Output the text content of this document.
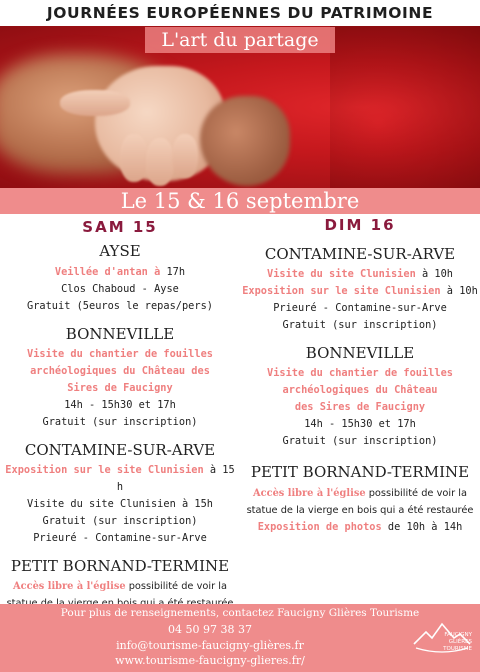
JOURNÉES EUROPÉENNES DU PATRIMOINE
L'art du partage
Le 15 & 16 septembre
SAM 15
AYSE
Veillée d'antan à 17h
Clos Chaboud - Ayse
Gratuit (5euros le repas/pers)
BONNEVILLE
Visite du chantier de fouilles
archéologiques du Château des
Sires de Faucigny
14h - 15h30 et 17h
Gratuit (sur inscription)
CONTAMINE-SUR-ARVE
Exposition sur le site Clunisien à 15 h
Visite du site Clunisien à 15h
Gratuit (sur inscription)
Prieuré - Contamine-sur-Arve
PETIT BORNAND-TERMINE
Accès libre à l'église possibilité de voir la
DIM 16
CONTAMINE-SUR-ARVE
Visite du site Clunisien à 10h
Exposition sur le site Clunisien à 10h
Prieuré - Contamine-sur-Arve
Gratuit (sur inscription)
BONNEVILLE
Visite du chantier de fouilles
archéologiques du Château
des Sires de Faucigny
14h - 15h30 et 17h
Gratuit (sur inscription)
PETIT BORNAND-TERMINE
Accès libre à l'église possibilité de voir la
statue de la vierge en bois qui a été restaurée
Exposition de photos de 10h à 14h
Pour plus de renseignements, contactez Faucigny Glières Tourisme
04 50 97 38 37
info@tourisme-faucigny-glières.fr
www.tourisme-faucigny-glieres.fr/
FAUCIGNY
GLIÈRES
TOURISME
